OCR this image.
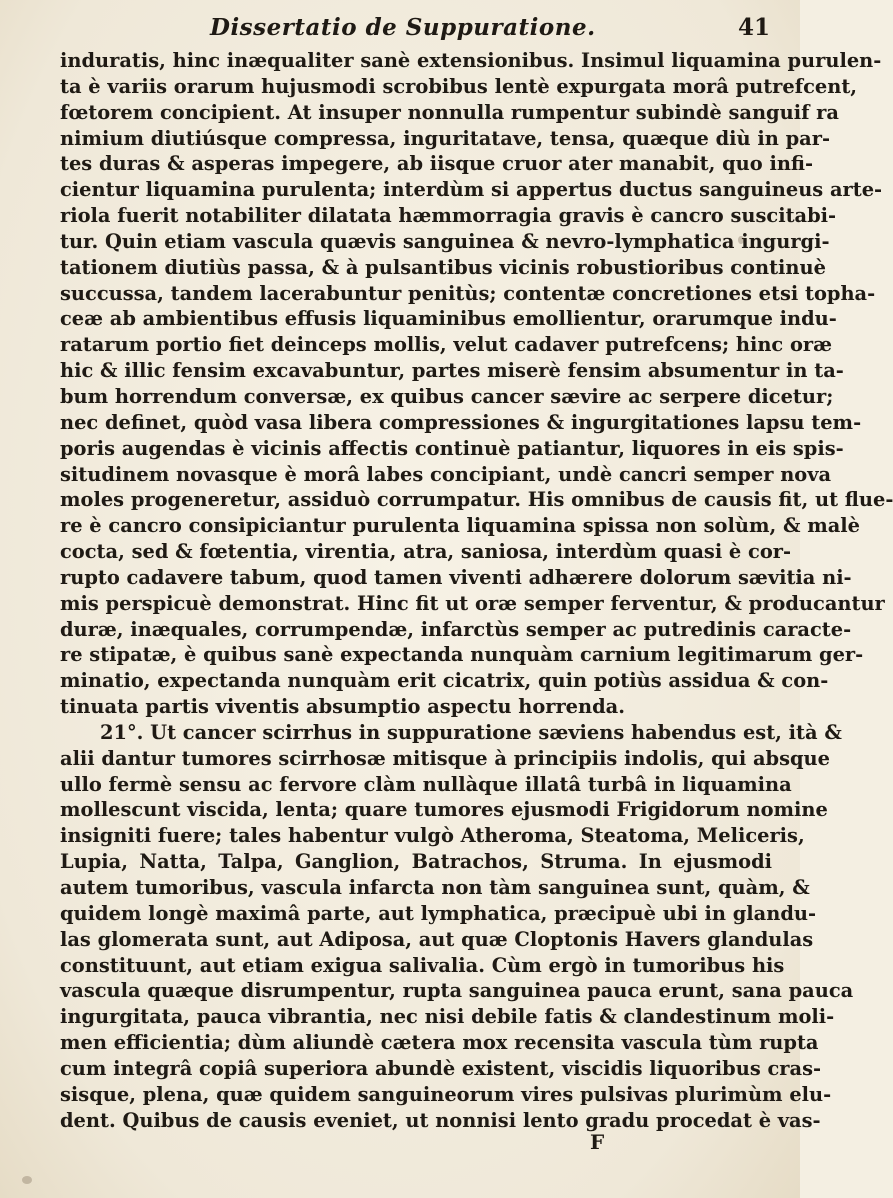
Dissertatio de Suppuratione.	41
induratis, hinc inæqualiter sanè extensionibus. Insimul liquamina purulen-
ta è variis orarum hujusmodi scrobibus lentè expurgata morâ putrefcent,
fœtorem concipient. At insuper nonnulla rumpentur subindè sanguif ra
nimium diutiúsque compressa, inguritatave, tensa, quæque diù in par-
tes duras & asperas impegere, ab iisque cruor ater manabit, quo infi-
cientur liquamina purulenta; interdùm si appertus ductus sanguineus arte-
riola fuerit notabiliter dilatata hæmmorragia gravis è cancro suscitabi-
tur. Quin etiam vascula quævis sanguinea & nevro-lymphatica ingurgi-
tationem diutiùs passa, & à pulsantibus vicinis robustioribus continuè
succussa, tandem lacerabuntur penitùs; contentæ concretiones etsi topha-
ceæ ab ambientibus effusis liquaminibus emollientur, orarumque indu-
ratarum portio fiet deinceps mollis, velut cadaver putrefcens; hinc oræ
hic & illic fensim excavabuntur, partes miserè fensim absumentur in ta-
bum horrendum conversæ, ex quibus cancer sævire ac serpere dicetur;
nec definet, quòd vasa libera compressiones & ingurgitationes lapsu tem-
poris augendas è vicinis affectis continuè patiantur, liquores in eis spis-
situdinem novasque è morâ labes concipiant, undè cancri semper nova
moles progeneretur, assiduò corrumpatur. His omnibus de causis fit, ut flue-
re è cancro consipiciantur purulenta liquamina spissa non solùm, & malè
cocta, sed & fœtentia, virentia, atra, saniosa, interdùm quasi è cor-
rupto cadavere tabum, quod tamen viventi adhærere dolorum sævitia ni-
mis perspicuè demonstrat. Hinc fit ut oræ semper ferventur, & producantur
duræ, inæquales, corrumpendæ, infarctùs semper ac putredinis caracte-
re stipatæ, è quibus sanè expectanda nunquàm carnium legitimarum ger-
minatio, expectanda nunquàm erit cicatrix, quin potiùs assidua & con-
tinuata partis viventis absumptio aspectu horrenda.
21°. Ut cancer scirrhus in suppuratione sæviens habendus est, ità &
alii dantur tumores scirrhosæ mitisque à principiis indolis, qui absque
ullo fermè sensu ac fervore clàm nullàque illatâ turbâ in liquamina
mollescunt viscida, lenta; quare tumores ejusmodi Frigidorum nomine
insigniti fuere; tales habentur vulgò Atheroma, Steatoma, Meliceris,
Lupia, Natta, Talpa, Ganglion, Batrachos, Struma. In ejusmodi
autem tumoribus, vascula infarcta non tàm sanguinea sunt, quàm, &
quidem longè maximâ parte, aut lymphatica, præcipuè ubi in glandu-
las glomerata sunt, aut Adiposa, aut quæ Cloptonis Havers glandulas
constituunt, aut etiam exigua salivalia. Cùm ergò in tumoribus his
vascula quæque disrumpentur, rupta sanguinea pauca erunt, sana pauca
ingurgitata, pauca vibrantia, nec nisi debile fatis & clandestinum moli-
men efficientia; dùm aliundè cætera mox recensita vascula tùm rupta
cum integrâ copiâ superiora abundè existent, viscidis liquoribus cras-
sisque, plena, quæ quidem sanguineorum vires pulsivas plurimùm elu-
dent. Quibus de causis eveniet, ut nonnisi lento gradu procedat è vas-
F
